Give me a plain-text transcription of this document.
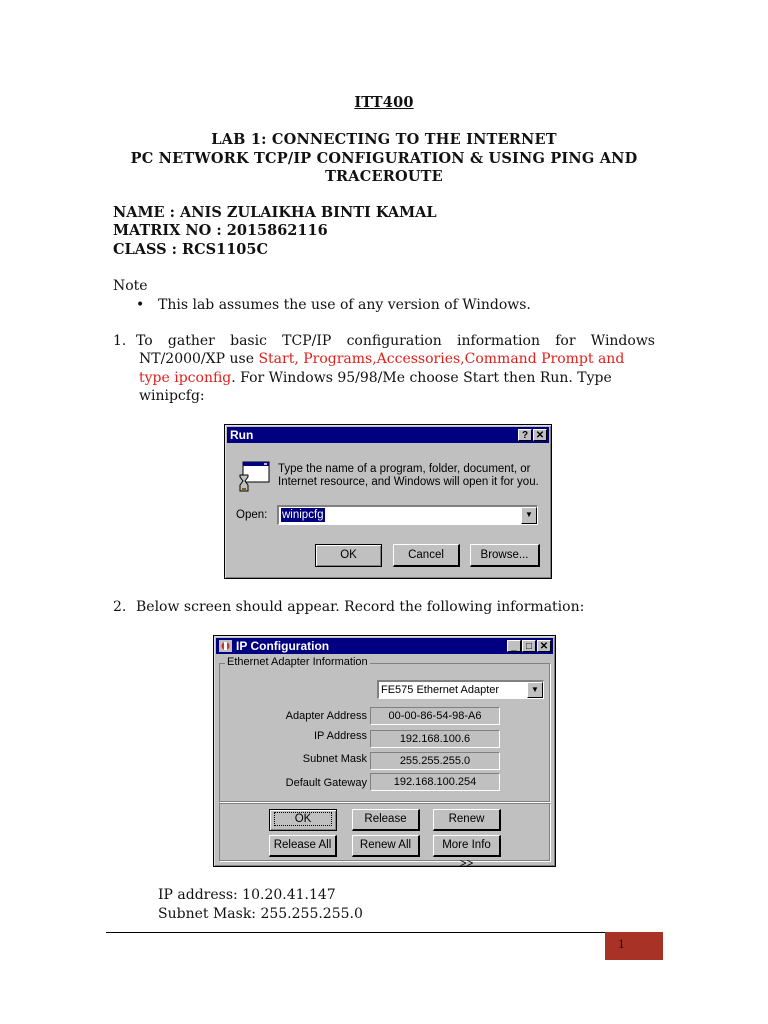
ITT400
LAB 1: CONNECTING TO THE INTERNET
PC NETWORK TCP/IP CONFIGURATION & USING PING AND
TRACEROUTE
NAME : ANIS ZULAIKHA BINTI KAMAL
MATRIX NO : 2015862116
CLASS : RCS1105C
Note
• This lab assumes the use of any version of Windows.
1. To gather basic TCP/IP configuration information for Windows
NT/2000/XP use Start, Programs,Accessories,Command Prompt and
type ipconfig. For Windows 95/98/Me choose Start then Run. Type
winipcfg:
Run	? ✕
Type the name of a program, folder, document, or Internet resource, and Windows will open it for you.
Open: winipcfg	▼
OK	Cancel	Browse...
2. Below screen should appear. Record the following information:
IP Configuration	_ □ ✕
Ethernet Adapter Information
FE575 Ethernet Adapter	▼
Adapter Address	00-00-86-54-98-A6
IP Address	192.168.100.6
Subnet Mask	255.255.255.0
Default Gateway	192.168.100.254
OK	Release	Renew
Release All	Renew All	More Info >>
IP address: 10.20.41.147
Subnet Mask: 255.255.255.0
1
